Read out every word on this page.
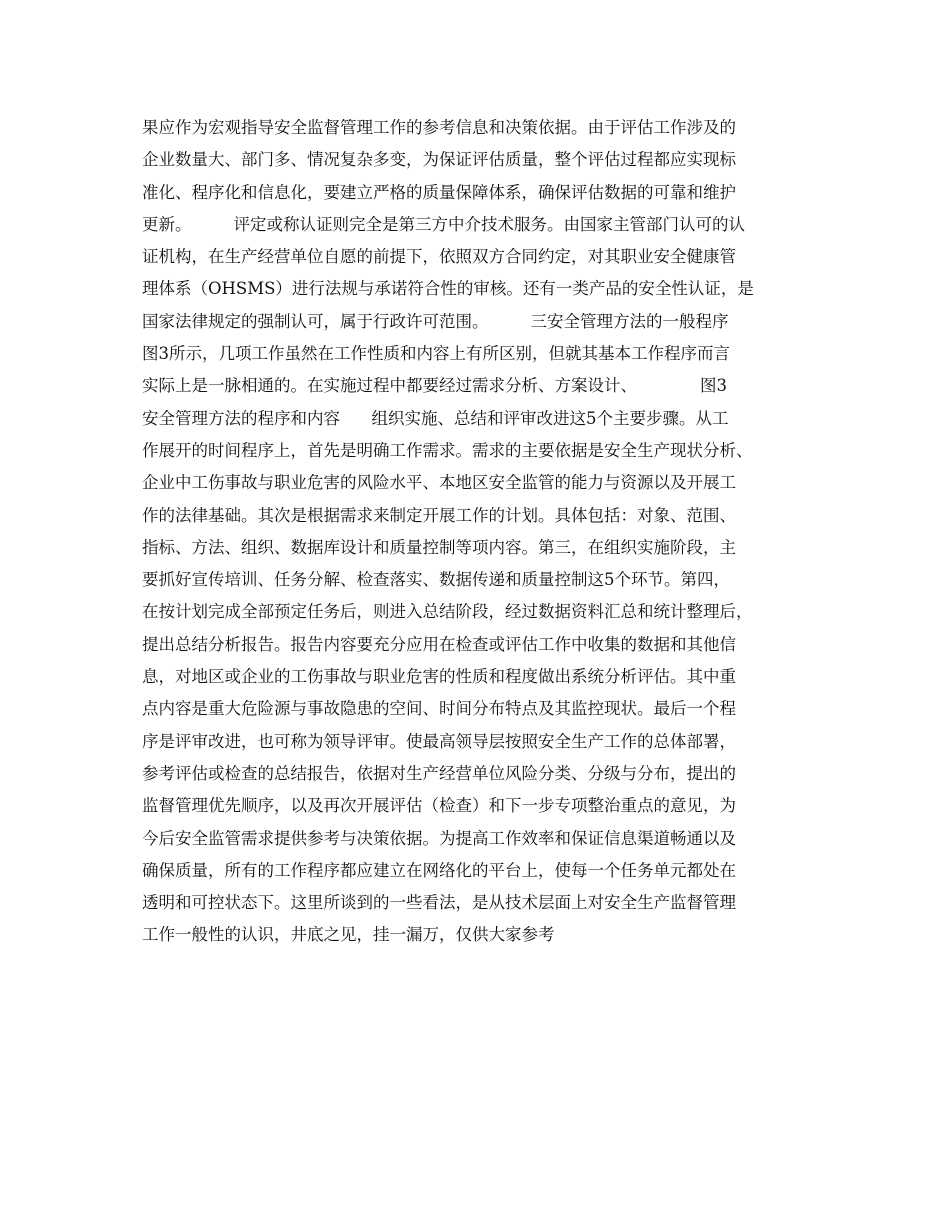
果应作为宏观指导安全监督管理工作的参考信息和决策依据。由于评估工作涉及的
企业数量大、部门多、情况复杂多变，为保证评估质量，整个评估过程都应实现标
准化、程序化和信息化，要建立严格的质量保障体系，确保评估数据的可靠和维护
更新。        评定或称认证则完全是第三方中介技术服务。由国家主管部门认可的认
证机构，在生产经营单位自愿的前提下，依照双方合同约定，对其职业安全健康管
理体系（OHSMS）进行法规与承诺符合性的审核。还有一类产品的安全性认证，是
国家法律规定的强制认可，属于行政许可范围。        三安全管理方法的一般程序
图3所示，几项工作虽然在工作性质和内容上有所区别，但就其基本工作程序而言
实际上是一脉相通的。在实施过程中都要经过需求分析、方案设计、            图3
安全管理方法的程序和内容      组织实施、总结和评审改进这5个主要步骤。从工
作展开的时间程序上，首先是明确工作需求。需求的主要依据是安全生产现状分析、
企业中工伤事故与职业危害的风险水平、本地区安全监管的能力与资源以及开展工
作的法律基础。其次是根据需求来制定开展工作的计划。具体包括：对象、范围、
指标、方法、组织、数据库设计和质量控制等项内容。第三，在组织实施阶段，主
要抓好宣传培训、任务分解、检查落实、数据传递和质量控制这5个环节。第四，
在按计划完成全部预定任务后，则进入总结阶段，经过数据资料汇总和统计整理后，
提出总结分析报告。报告内容要充分应用在检查或评估工作中收集的数据和其他信
息，对地区或企业的工伤事故与职业危害的性质和程度做出系统分析评估。其中重
点内容是重大危险源与事故隐患的空间、时间分布特点及其监控现状。最后一个程
序是评审改进，也可称为领导评审。使最高领导层按照安全生产工作的总体部署，
参考评估或检查的总结报告，依据对生产经营单位风险分类、分级与分布，提出的
监督管理优先顺序，以及再次开展评估（检查）和下一步专项整治重点的意见，为
今后安全监管需求提供参考与决策依据。为提高工作效率和保证信息渠道畅通以及
确保质量，所有的工作程序都应建立在网络化的平台上，使每一个任务单元都处在
透明和可控状态下。这里所谈到的一些看法，是从技术层面上对安全生产监督管理
工作一般性的认识，井底之见，挂一漏万，仅供大家参考
